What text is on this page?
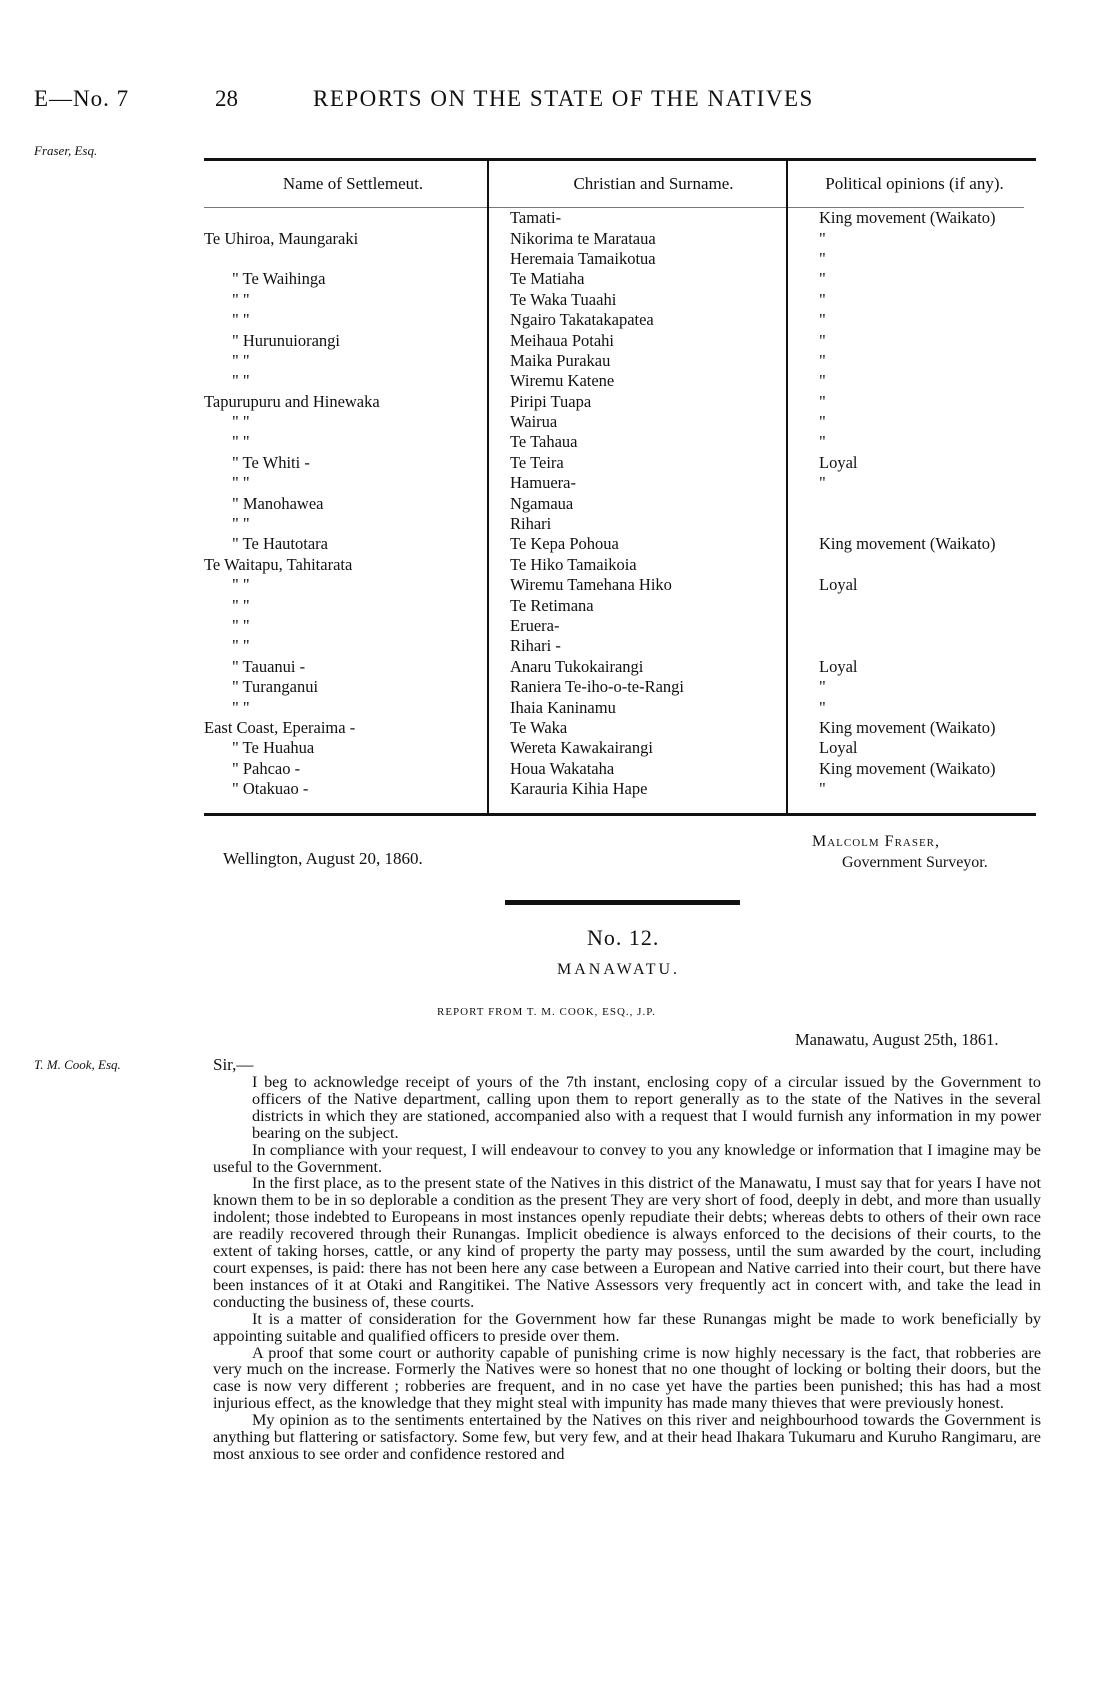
E—No. 7	28	REPORTS ON THE STATE OF THE NATIVES
Fraser, Esq.
T. M. Cook, Esq.
Name of Settlemeut.	Christian and Surname.	Political opinions (if any).
	Tamati-	King movement (Waikato)
Te Uhiroa, Maungaraki	Nikorima te Marataua	"
	Heremaia Tamaikotua	"
" Te Waihinga	Te Matiaha	"
" "	Te Waka Tuaahi	"
" "	Ngairo Takatakapatea	"
" Hurunuiorangi	Meihaua Potahi	"
" "	Maika Purakau	"
" "	Wiremu Katene	"
Tapurupuru and Hinewaka	Piripi Tuapa	"
" "	Wairua	"
" "	Te Tahaua	"
" Te Whiti -	Te Teira	Loyal
" "	Hamuera-	"
" Manohawea	Ngamaua	
" "	Rihari	
" Te Hautotara	Te Kepa Pohoua	King movement (Waikato)
Te Waitapu, Tahitarata	Te Hiko Tamaikoia	
" "	Wiremu Tamehana Hiko	Loyal
" "	Te Retimana	
" "	Eruera-	
" "	Rihari -	
" Tauanui -	Anaru Tukokairangi	Loyal
" Turanganui	Raniera Te-iho-o-te-Rangi	"
" "	Ihaia Kaninamu	"
East Coast, Eperaima -	Te Waka	King movement (Waikato)
" Te Huahua	Wereta Kawakairangi	Loyal
" Pahcao -	Houa Wakataha	King movement (Waikato)
" Otakuao -	Karauria Kihia Hape	"
Wellington, August 20, 1860.
Malcolm Fraser,
Government Surveyor.
No. 12.
MANAWATU.
REPORT FROM T. M. COOK, ESQ., J.P.
Manawatu, August 25th, 1861.
Sir,—

I beg to acknowledge receipt of yours of the 7th instant, enclosing copy of a circular issued by the Government to officers of the Native department, calling upon them to report generally as to the state of the Natives in the several districts in which they are stationed, accompanied also with a request that I would furnish any information in my power bearing on the subject.

In compliance with your request, I will endeavour to convey to you any knowledge or information that I imagine may be useful to the Government.

In the first place, as to the present state of the Natives in this district of the Manawatu, I must say that for years I have not known them to be in so deplorable a condition as the present They are very short of food, deeply in debt, and more than usually indolent; those indebted to Europeans in most instances openly repudiate their debts; whereas debts to others of their own race are readily recovered through their Runangas. Implicit obedience is always enforced to the decisions of their courts, to the extent of taking horses, cattle, or any kind of property the party may possess, until the sum awarded by the court, including court expenses, is paid: there has not been here any case between a European and Native carried into their court, but there have been instances of it at Otaki and Rangitikei. The Native Assessors very frequently act in concert with, and take the lead in conducting the business of, these courts.

It is a matter of consideration for the Government how far these Runangas might be made to work beneficially by appointing suitable and qualified officers to preside over them.

A proof that some court or authority capable of punishing crime is now highly necessary is the fact, that robberies are very much on the increase. Formerly the Natives were so honest that no one thought of locking or bolting their doors, but the case is now very different ; robberies are frequent, and in no case yet have the parties been punished; this has had a most injurious effect, as the knowledge that they might steal with impunity has made many thieves that were previously honest.

My opinion as to the sentiments entertained by the Natives on this river and neighbourhood towards the Government is anything but flattering or satisfactory. Some few, but very few, and at their head Ihakara Tukumaru and Kuruho Rangimaru, are most anxious to see order and confidence restored and
